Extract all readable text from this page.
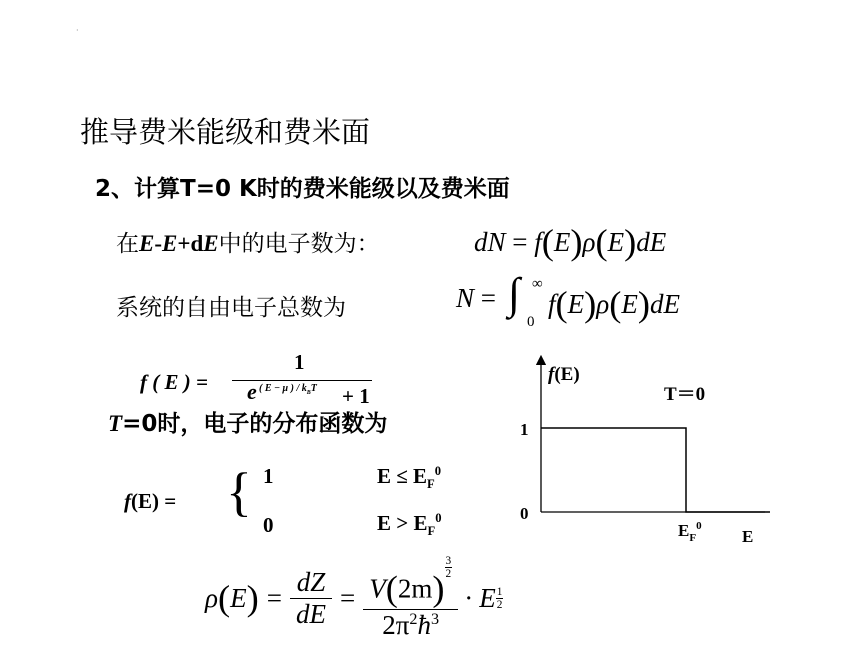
·
推导费米能级和费米面
2、计算T=0 K时的费米能级以及费米面
在E-E+dE中的电子数为：	dN = f(E)ρ(E)dE
系统的自由电子总数为	N = ∫ ∞
0
f(E)ρ(E)dE
f ( E ) =
1
e ( E − μ ) / $k_BT + 1$
T=0时，电子的分布函数为
f(E) = { 1	$E \le E_F^0$
0	$E > E_F^0$
ρ ( E ) = $\frac{dZ}{dE} = V(2m)$
$\frac{3}{2}$
$2\pi^2ħ^3 \cdot E \frac{1}{2}$
f(E)
T＝0
1
0
$E_F^0$
E
